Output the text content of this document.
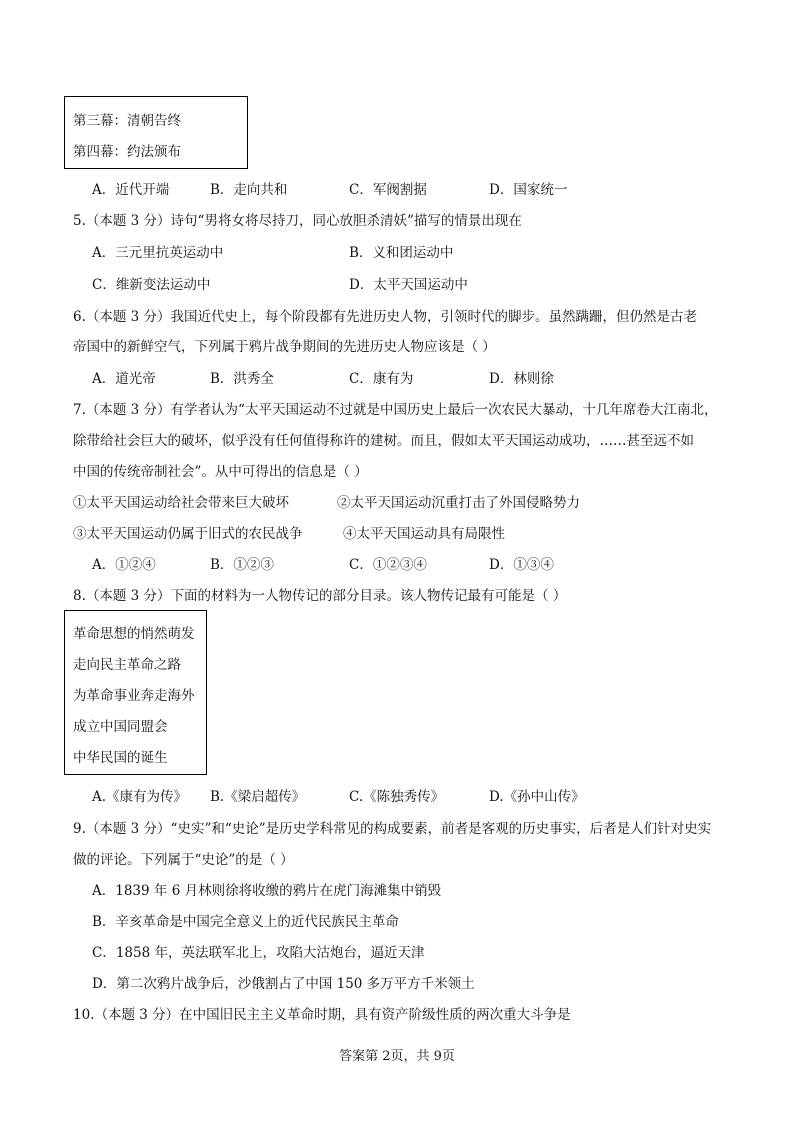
第三幕：清朝告终
第四幕：约法颁布
A．近代开端	B．走向共和	C．军阀割据	D．国家统一
5.（本题 3 分）诗句“男将女将尽持刀，同心放胆杀清妖”描写的情景出现在
A．三元里抗英运动中	B．义和团运动中
C．维新变法运动中	D．太平天国运动中
6.（本题 3 分）我国近代史上，每个阶段都有先进历史人物，引领时代的脚步。虽然蹒跚，但仍然是古老
帝国中的新鲜空气，下列属于鸦片战争期间的先进历史人物应该是（ ）
A．道光帝	B．洪秀全	C．康有为	D．林则徐
7.（本题 3 分）有学者认为“太平天国运动不过就是中国历史上最后一次农民大暴动，十几年席卷大江南北，
除带给社会巨大的破坏，似乎没有任何值得称许的建树。而且，假如太平天国运动成功，……甚至远不如
中国的传统帝制社会”。从中可得出的信息是（ ）
①太平天国运动给社会带来巨大破坏	②太平天国运动沉重打击了外国侵略势力
③太平天国运动仍属于旧式的农民战争	④太平天国运动具有局限性
A．①②④	B．①②③	C．①②③④	D．①③④
8.（本题 3 分）下面的材料为一人物传记的部分目录。该人物传记最有可能是（ ）
革命思想的悄然萌发
走向民主革命之路
为革命事业奔走海外
成立中国同盟会
中华民国的诞生
A.《康有为传》 B.《梁启超传》	C.《陈独秀传》	D.《孙中山传》
9.（本题 3 分）“史实”和“史论”是历史学科常见的构成要素，前者是客观的历史事实，后者是人们针对史实
做的评论。下列属于“史论”的是（ ）
A．1839 年 6 月林则徐将收缴的鸦片在虎门海滩集中销毁
B．辛亥革命是中国完全意义上的近代民族民主革命
C．1858 年，英法联军北上，攻陷大沽炮台，逼近天津
D．第二次鸦片战争后，沙俄割占了中国 150 多万平方千米领土
10.（本题 3 分）在中国旧民主主义革命时期，具有资产阶级性质的两次重大斗争是
答案第 2页，共 9页
